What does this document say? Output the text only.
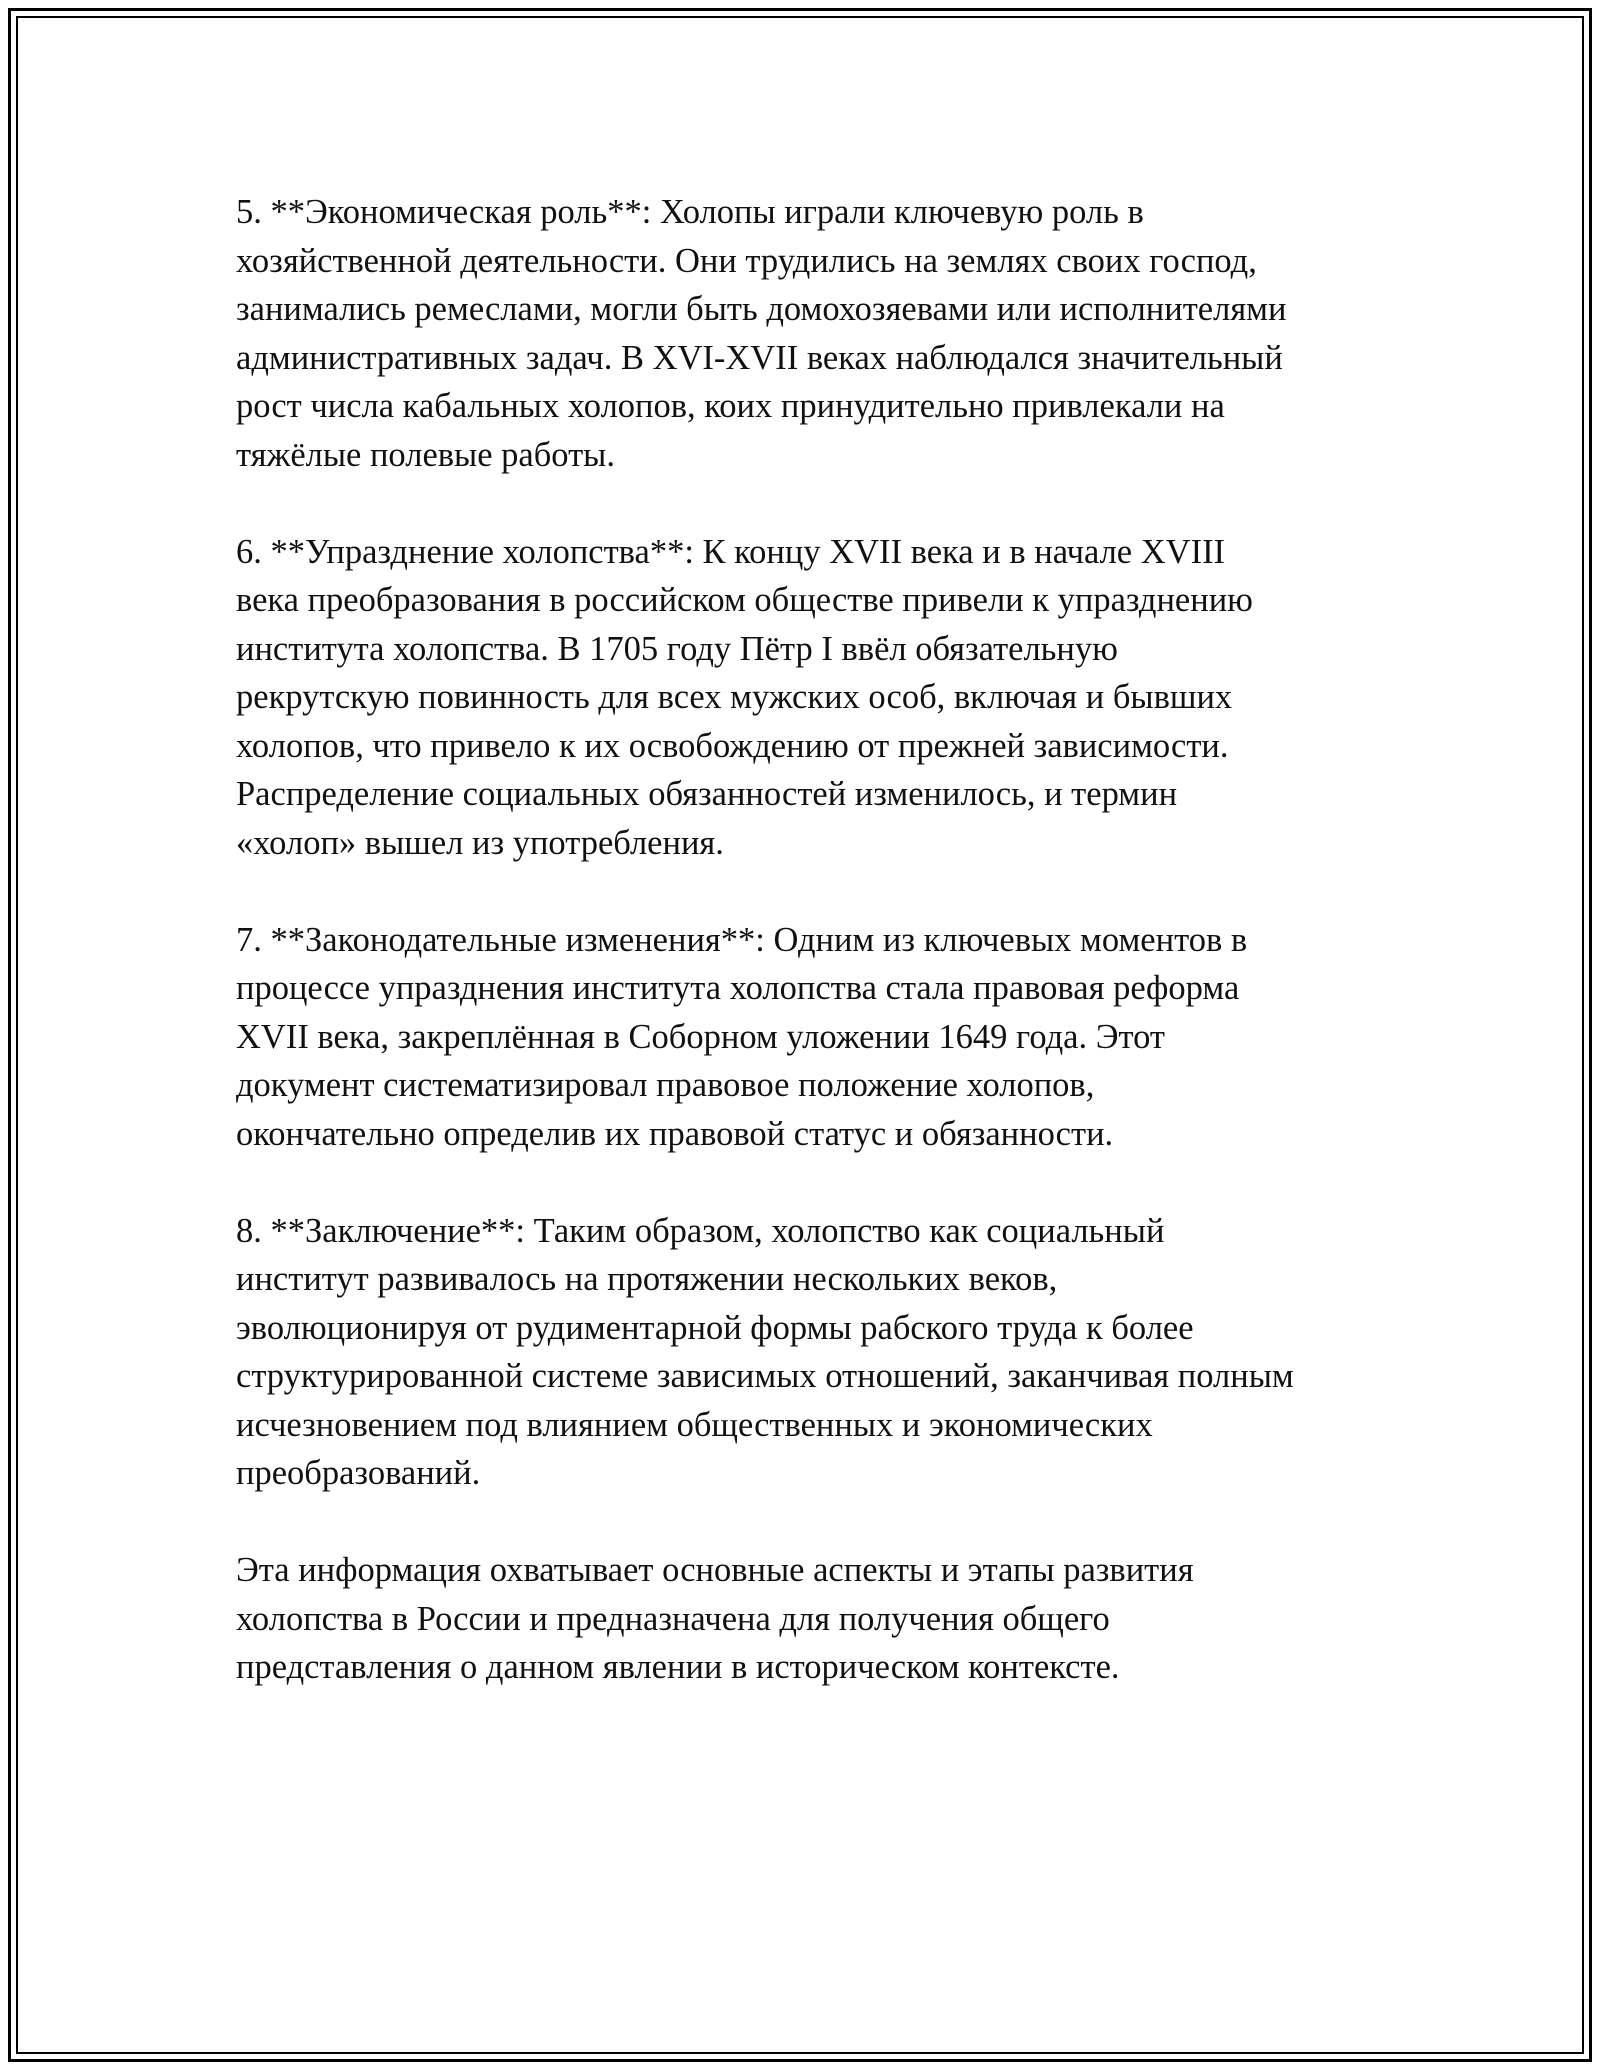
5. **Экономическая роль**: Холопы играли ключевую роль в
хозяйственной деятельности. Они трудились на землях своих господ,
занимались ремеслами, могли быть домохозяевами или исполнителями
административных задач. В XVI-XVII веках наблюдался значительный
рост числа кабальных холопов, коих принудительно привлекали на
тяжёлые полевые работы.
6. **Упразднение холопства**: К концу XVII века и в начале XVIII
века преобразования в российском обществе привели к упразднению
института холопства. В 1705 году Пётр I ввёл обязательную
рекрутскую повинность для всех мужских особ, включая и бывших
холопов, что привело к их освобождению от прежней зависимости.
Распределение социальных обязанностей изменилось, и термин
«холоп» вышел из употребления.
7. **Законодательные изменения**: Одним из ключевых моментов в
процессе упразднения института холопства стала правовая реформа
XVII века, закреплённая в Соборном уложении 1649 года. Этот
документ систематизировал правовое положение холопов,
окончательно определив их правовой статус и обязанности.
8. **Заключение**: Таким образом, холопство как социальный
институт развивалось на протяжении нескольких веков,
эволюционируя от рудиментарной формы рабского труда к более
структурированной системе зависимых отношений, заканчивая полным
исчезновением под влиянием общественных и экономических
преобразований.
Эта информация охватывает основные аспекты и этапы развития
холопства в России и предназначена для получения общего
представления о данном явлении в историческом контексте.
